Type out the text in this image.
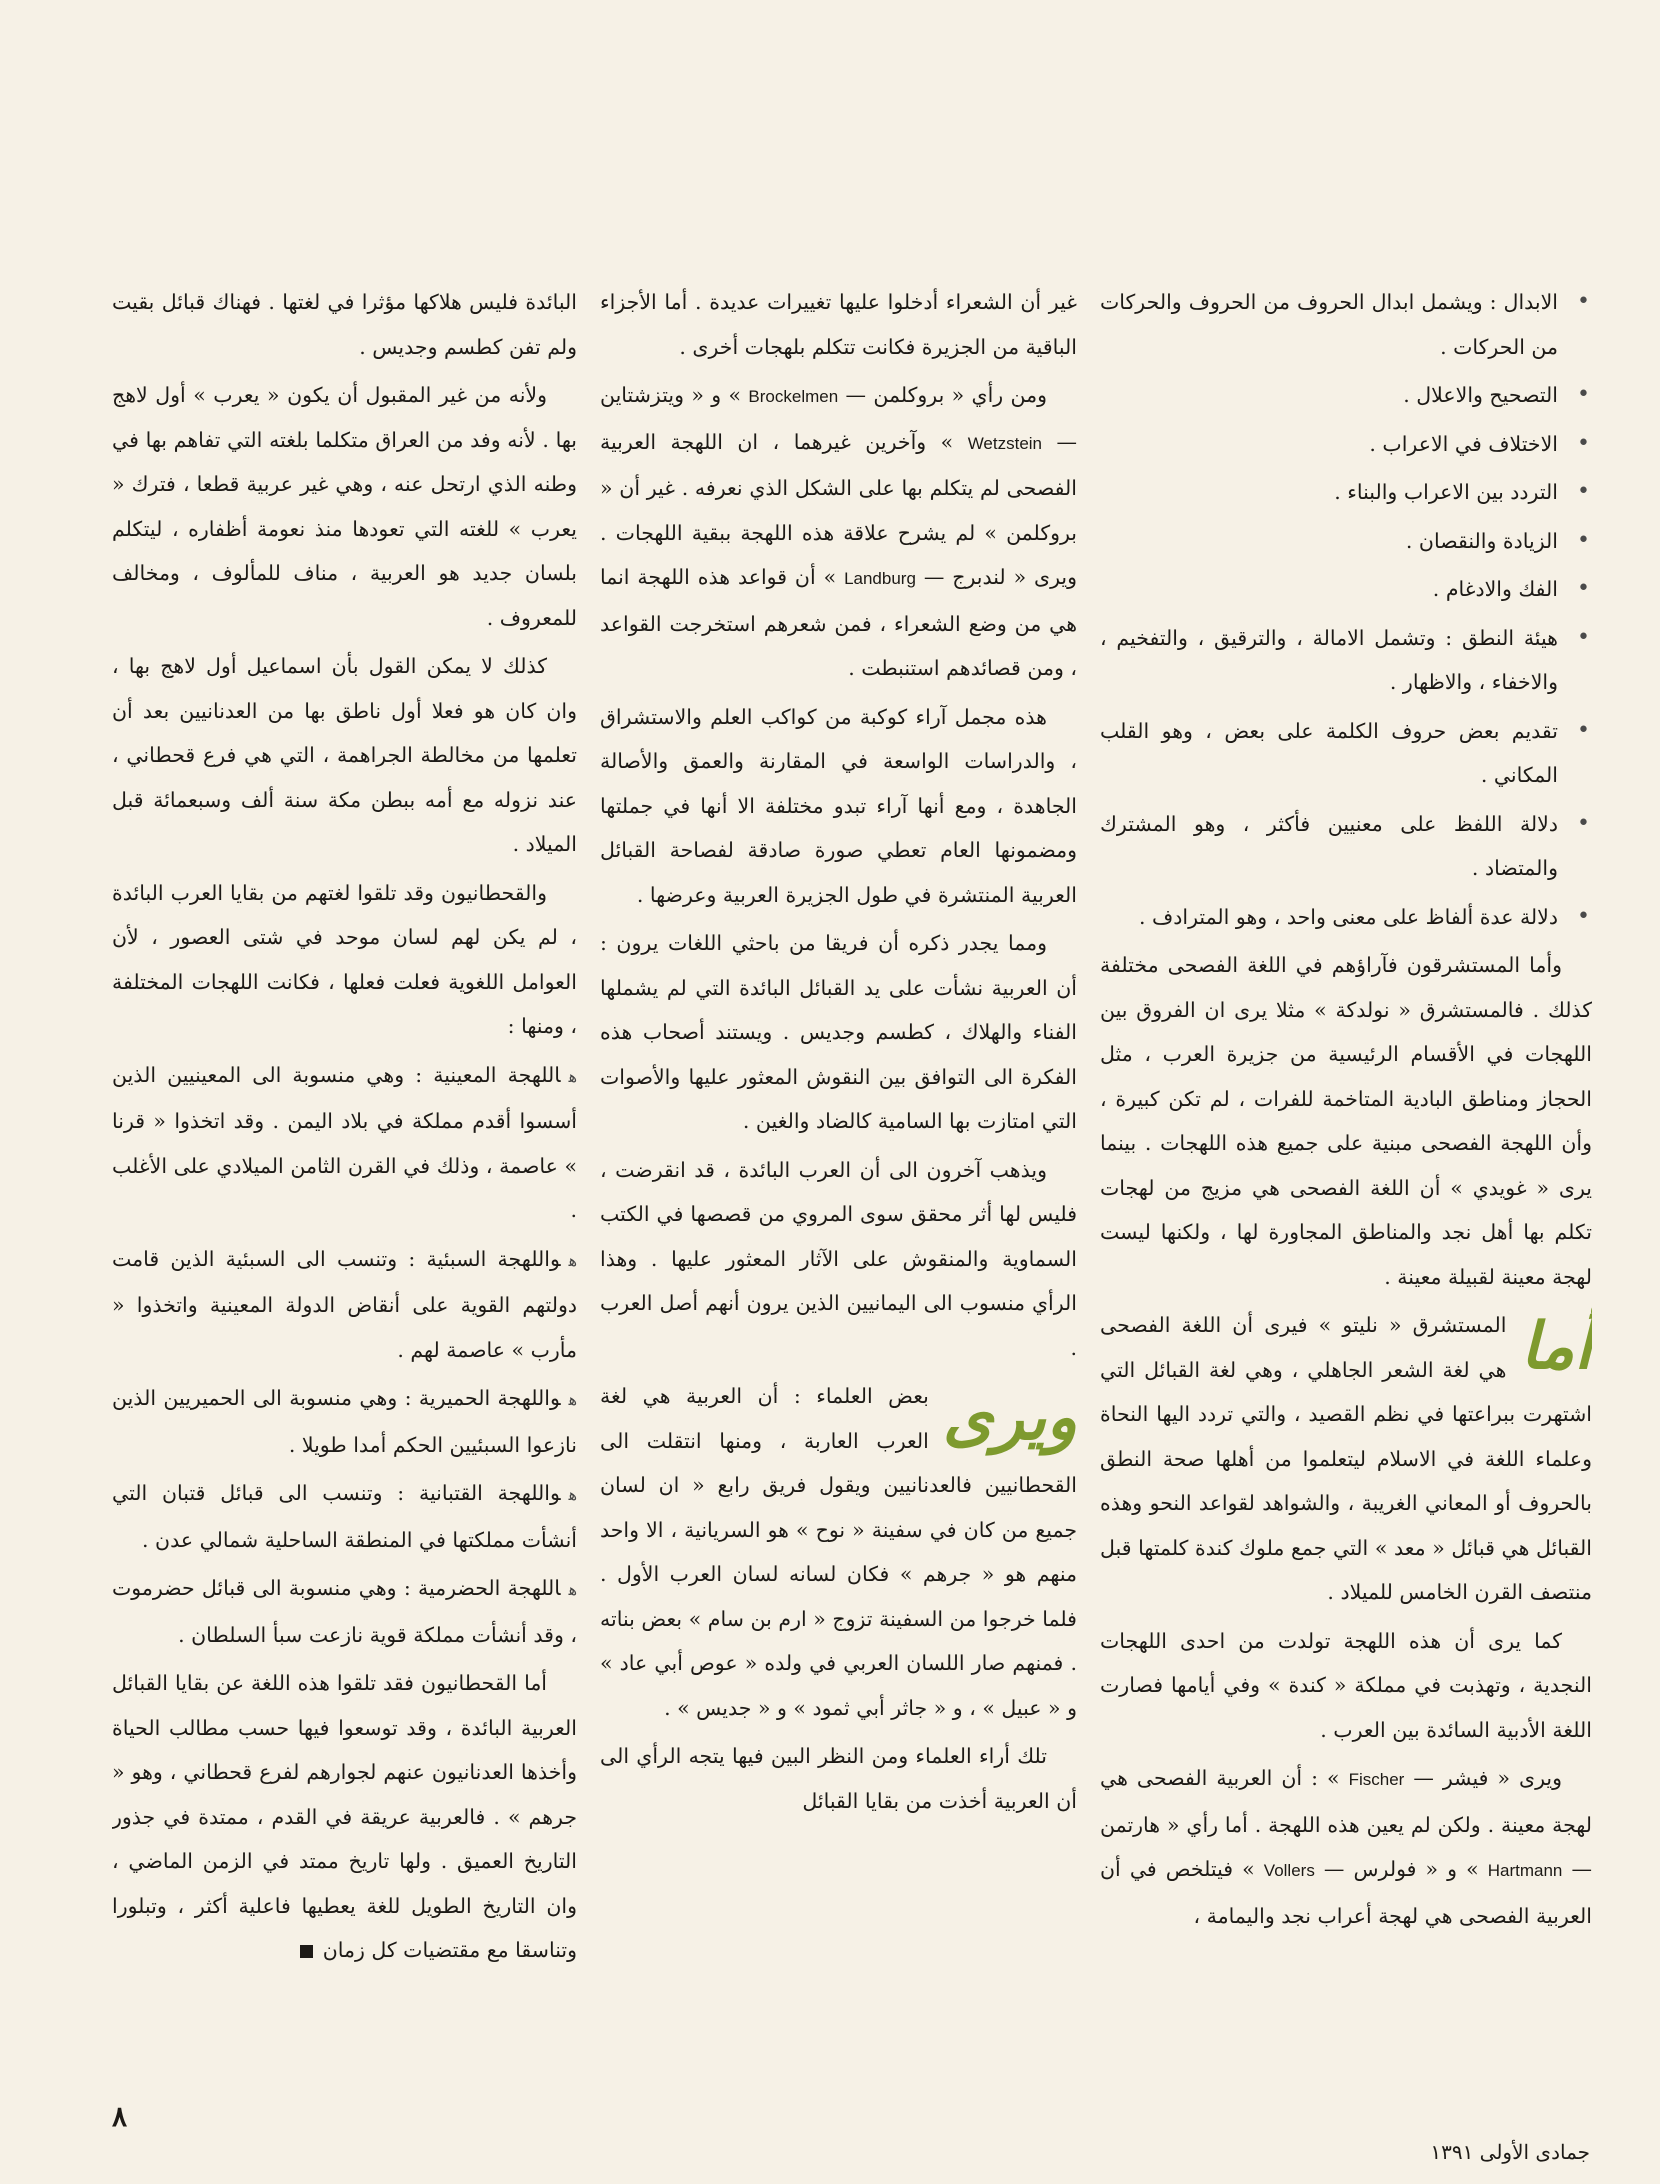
• الابدال : ويشمل ابدال الحروف من الحروف والحركات من الحركات .
• التصحيح والاعلال .
• الاختلاف في الاعراب .
• التردد بين الاعراب والبناء .
• الزيادة والنقصان .
• الفك والادغام .
• هيئة النطق : وتشمل الامالة ، والترقيق ، والتفخيم ، والاخفاء ، والاظهار .
• تقديم بعض حروف الكلمة على بعض ، وهو القلب المكاني .
• دلالة اللفظ على معنيين فأكثر ، وهو المشترك والمتضاد .
• دلالة عدة ألفاظ على معنى واحد ، وهو المترادف .

وأما المستشرقون فآراؤهم في اللغة الفصحى مختلفة كذلك . فالمستشرق « نولدكة » مثلا يرى ان الفروق بين اللهجات في الأقسام الرئيسية من جزيرة العرب ، مثل الحجاز ومناطق البادية المتاخمة للفرات ، لم تكن كبيرة ، وأن اللهجة الفصحى مبنية على جميع هذه اللهجات . بينما يرى « غويدي » أن اللغة الفصحى هي مزيج من لهجات تكلم بها أهل نجد والمناطق المجاورة لها ، ولكنها ليست لهجة معينة لقبيلة معينة .

أما
المستشرق « نليتو » فيرى أن اللغة الفصحى هي لغة الشعر الجاهلي ، وهي لغة القبائل التي اشتهرت ببراعتها في نظم القصيد ، والتي تردد اليها النحاة وعلماء اللغة في الاسلام ليتعلموا من أهلها صحة النطق بالحروف أو المعاني الغريبة ، والشواهد لقواعد النحو وهذه القبائل هي قبائل « معد » التي جمع ملوك كندة كلمتها قبل منتصف القرن الخامس للميلاد .

كما يرى أن هذه اللهجة تولدت من احدى اللهجات النجدية ، وتهذبت في مملكة « كندة » وفي أيامها فصارت اللغة الأدبية السائدة بين العرب .

ويرى « فيشر — Fischer » : أن العربية الفصحى هي لهجة معينة . ولكن لم يعين هذه اللهجة . أما رأي « هارتمن — Hartmann » و « فولرس — Vollers » فيتلخص في أن العربية الفصحى هي لهجة أعراب نجد واليمامة ،

غير أن الشعراء أدخلوا عليها تغييرات عديدة . أما الأجزاء الباقية من الجزيرة فكانت تتكلم بلهجات أخرى .

ومن رأي « بروكلمن — Brockelmen » و « ويتزشتاين — Wetzstein » وآخرين غيرهما ، ان اللهجة العربية الفصحى لم يتكلم بها على الشكل الذي نعرفه . غير أن « بروكلمن » لم يشرح علاقة هذه اللهجة ببقية اللهجات . ويرى « لندبرج — Landburg » أن قواعد هذه اللهجة انما هي من وضع الشعراء ، فمن شعرهم استخرجت القواعد ، ومن قصائدهم استنبطت .

هذه مجمل آراء كوكبة من كواكب العلم والاستشراق ، والدراسات الواسعة في المقارنة والعمق والأصالة الجاهدة ، ومع أنها آراء تبدو مختلفة الا أنها في جملتها ومضمونها العام تعطي صورة صادقة لفصاحة القبائل العربية المنتشرة في طول الجزيرة العربية وعرضها .

ومما يجدر ذكره أن فريقا من باحثي اللغات يرون : أن العربية نشأت على يد القبائل البائدة التي لم يشملها الفناء والهلاك ، كطسم وجديس . ويستند أصحاب هذه الفكرة الى التوافق بين النقوش المعثور عليها والأصوات التي امتازت بها السامية كالضاد والغين .

ويذهب آخرون الى أن العرب البائدة ، قد انقرضت ، فليس لها أثر محقق سوى المروي من قصصها في الكتب السماوية والمنقوش على الآثار المعثور عليها . وهذا الرأي منسوب الى اليمانيين الذين يرون أنهم أصل العرب .

ويرى
بعض العلماء : أن العربية هي لغة العرب العاربة ، ومنها انتقلت الى القحطانيين فالعدنانيين ويقول فريق رابع « ان لسان جميع من كان في سفينة « نوح » هو السريانية ، الا واحد منهم هو « جرهم » فكان لسانه لسان العرب الأول . فلما خرجوا من السفينة تزوج « ارم بن سام » بعض بناته . فمنهم صار اللسان العربي في ولده « عوص أبي عاد » و « عبيل » ، و « جاثر أبي ثمود » و « جديس » .

تلك أراء العلماء ومن النظر البين فيها يتجه الرأي الى أن العربية أخذت من بقايا القبائل

البائدة فليس هلاكها مؤثرا في لغتها . فهناك قبائل بقيت ولم تفن كطسم وجديس .

ولأنه من غير المقبول أن يكون « يعرب » أول لاهج بها . لأنه وفد من العراق متكلما بلغته التي تفاهم بها في وطنه الذي ارتحل عنه ، وهي غير عربية قطعا ، فترك « يعرب » للغته التي تعودها منذ نعومة أظفاره ، ليتكلم بلسان جديد هو العربية ، مناف للمألوف ، ومخالف للمعروف .

كذلك لا يمكن القول بأن اسماعيل أول لاهج بها ، وان كان هو فعلا أول ناطق بها من العدنانيين بعد أن تعلمها من مخالطة الجراهمة ، التي هي فرع قحطاني ، عند نزوله مع أمه ببطن مكة سنة ألف وسبعمائة قبل الميلاد .

والقحطانيون وقد تلقوا لغتهم من بقايا العرب البائدة ، لم يكن لهم لسان موحد في شتى العصور ، لأن العوامل اللغوية فعلت فعلها ، فكانت اللهجات المختلفة ، ومنها :

هاللهجة المعينية : وهي منسوبة الى المعينيين الذين أسسوا أقدم مملكة في بلاد اليمن . وقد اتخذوا « قرنا » عاصمة ، وذلك في القرن الثامن الميلادي على الأغلب .

هواللهجة السبئية : وتنسب الى السبئية الذين قامت دولتهم القوية على أنقاض الدولة المعينية واتخذوا « مأرب » عاصمة لهم .

هواللهجة الحميرية : وهي منسوبة الى الحميريين الذين نازعوا السبئيين الحكم أمدا طويلا .

هواللهجة القتبانية : وتنسب الى قبائل قتبان التي أنشأت مملكتها في المنطقة الساحلية شمالي عدن .

هاللهجة الحضرمية : وهي منسوبة الى قبائل حضرموت ، وقد أنشأت مملكة قوية نازعت سبأ السلطان .

أما القحطانيون فقد تلقوا هذه اللغة عن بقايا القبائل العربية البائدة ، وقد توسعوا فيها حسب مطالب الحياة وأخذها العدنانيون عنهم لجوارهم لفرع قحطاني ، وهو « جرهم » . فالعربية عريقة في القدم ، ممتدة في جذور التاريخ العميق . ولها تاريخ ممتد في الزمن الماضي ، وان التاريخ الطويل للغة يعطيها فاعلية أكثر ، وتبلورا وتناسقا مع مقتضيات كل زمان

٨
جمادى الأولى ١٣٩١
